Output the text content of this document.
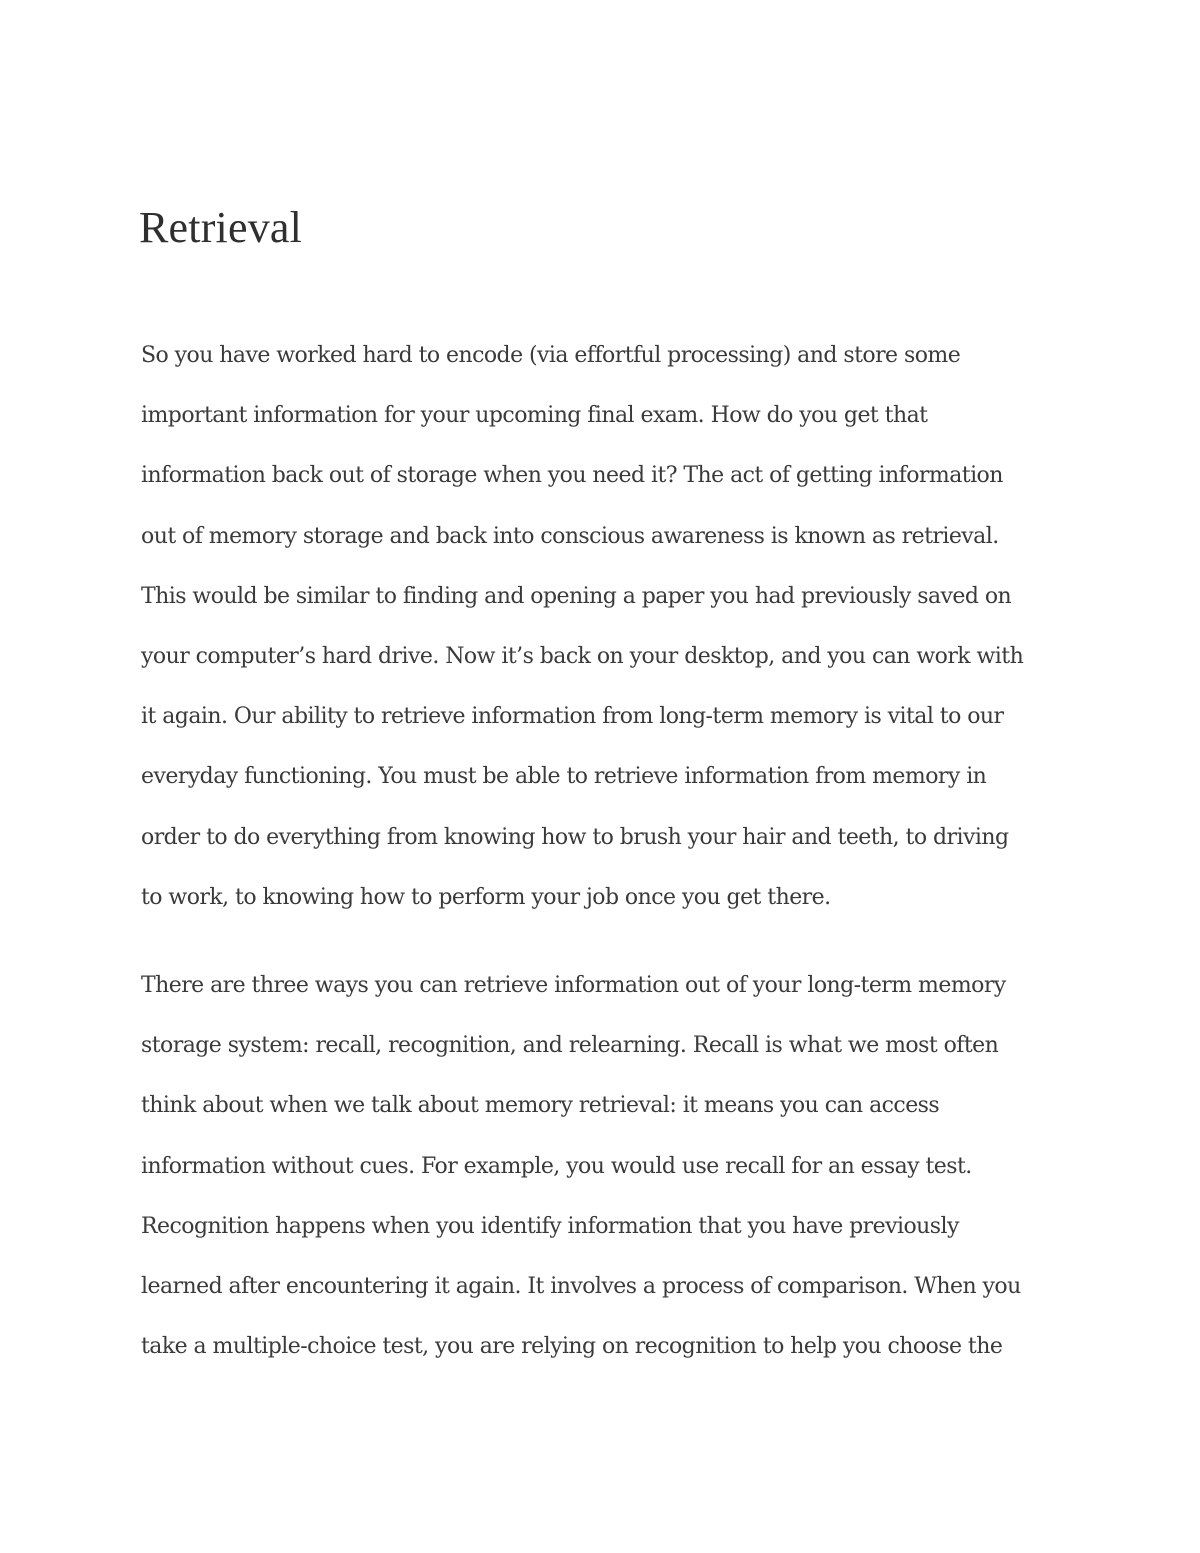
Retrieval

So you have worked hard to encode (via effortful processing) and store some
important information for your upcoming final exam. How do you get that
information back out of storage when you need it? The act of getting information
out of memory storage and back into conscious awareness is known as retrieval.
This would be similar to finding and opening a paper you had previously saved on
your computer’s hard drive. Now it’s back on your desktop, and you can work with
it again. Our ability to retrieve information from long-term memory is vital to our
everyday functioning. You must be able to retrieve information from memory in
order to do everything from knowing how to brush your hair and teeth, to driving
to work, to knowing how to perform your job once you get there.

There are three ways you can retrieve information out of your long-term memory
storage system: recall, recognition, and relearning. Recall is what we most often
think about when we talk about memory retrieval: it means you can access
information without cues. For example, you would use recall for an essay test.
Recognition happens when you identify information that you have previously
learned after encountering it again. It involves a process of comparison. When you
take a multiple-choice test, you are relying on recognition to help you choose the
